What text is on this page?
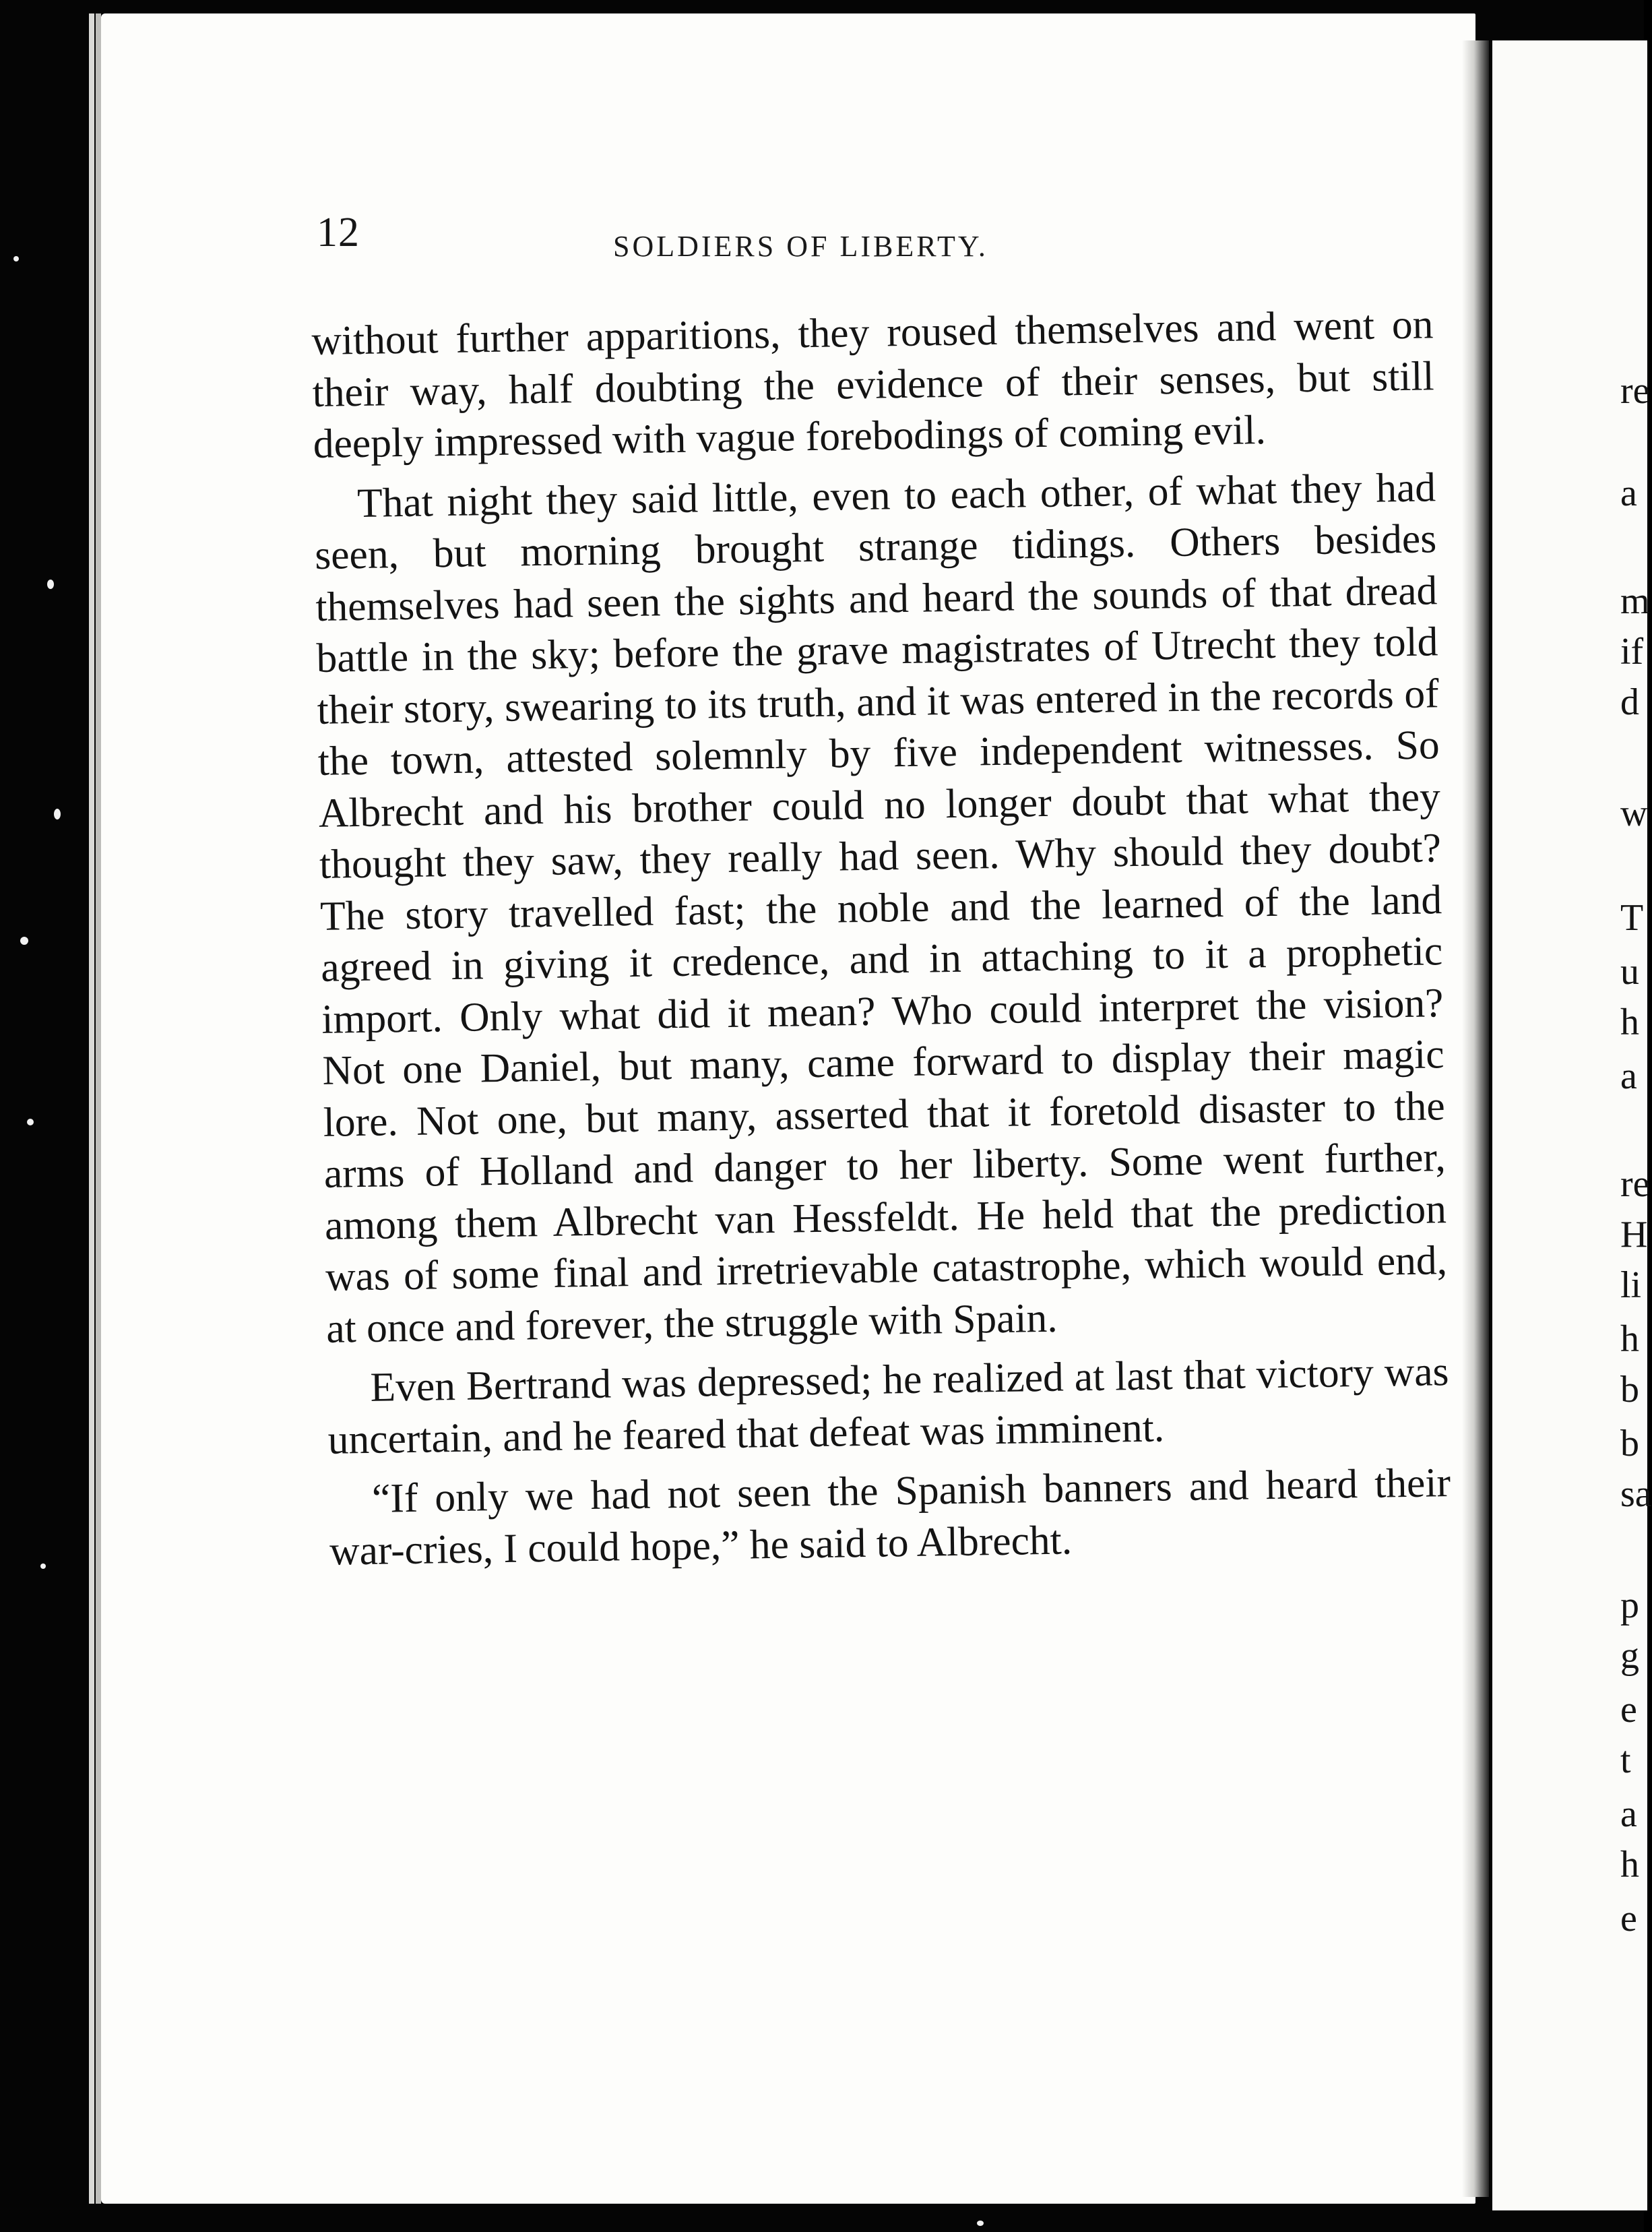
12	SOLDIERS OF LIBERTY.

without further apparitions, they roused themselves and went on their way, half doubting the evidence of their senses, but still deeply impressed with vague forebodings of coming evil.

That night they said little, even to each other, of what they had seen, but morning brought strange tidings. Others besides themselves had seen the sights and heard the sounds of that dread battle in the sky; before the grave magistrates of Utrecht they told their story, swearing to its truth, and it was entered in the records of the town, attested solemnly by five independent witnesses. So Albrecht and his brother could no longer doubt that what they thought they saw, they really had seen. Why should they doubt? The story travelled fast; the noble and the learned of the land agreed in giving it credence, and in attaching to it a prophetic import. Only what did it mean? Who could interpret the vision? Not one Daniel, but many, came forward to display their magic lore. Not one, but many, asserted that it foretold disaster to the arms of Holland and danger to her liberty. Some went further, among them Albrecht van Hessfeldt. He held that the prediction was of some final and irretrievable catastrophe, which would end, at once and forever, the struggle with Spain.

Even Bertrand was depressed; he realized at last that victory was uncertain, and he feared that defeat was imminent.

“If only we had not seen the Spanish banners and heard their war-cries, I could hope,” he said to Albrecht.

re
a
m
if
d
w
T
u
h
a
re
H
li
h
b
b
sa
p
g
e
t
a
h
e
